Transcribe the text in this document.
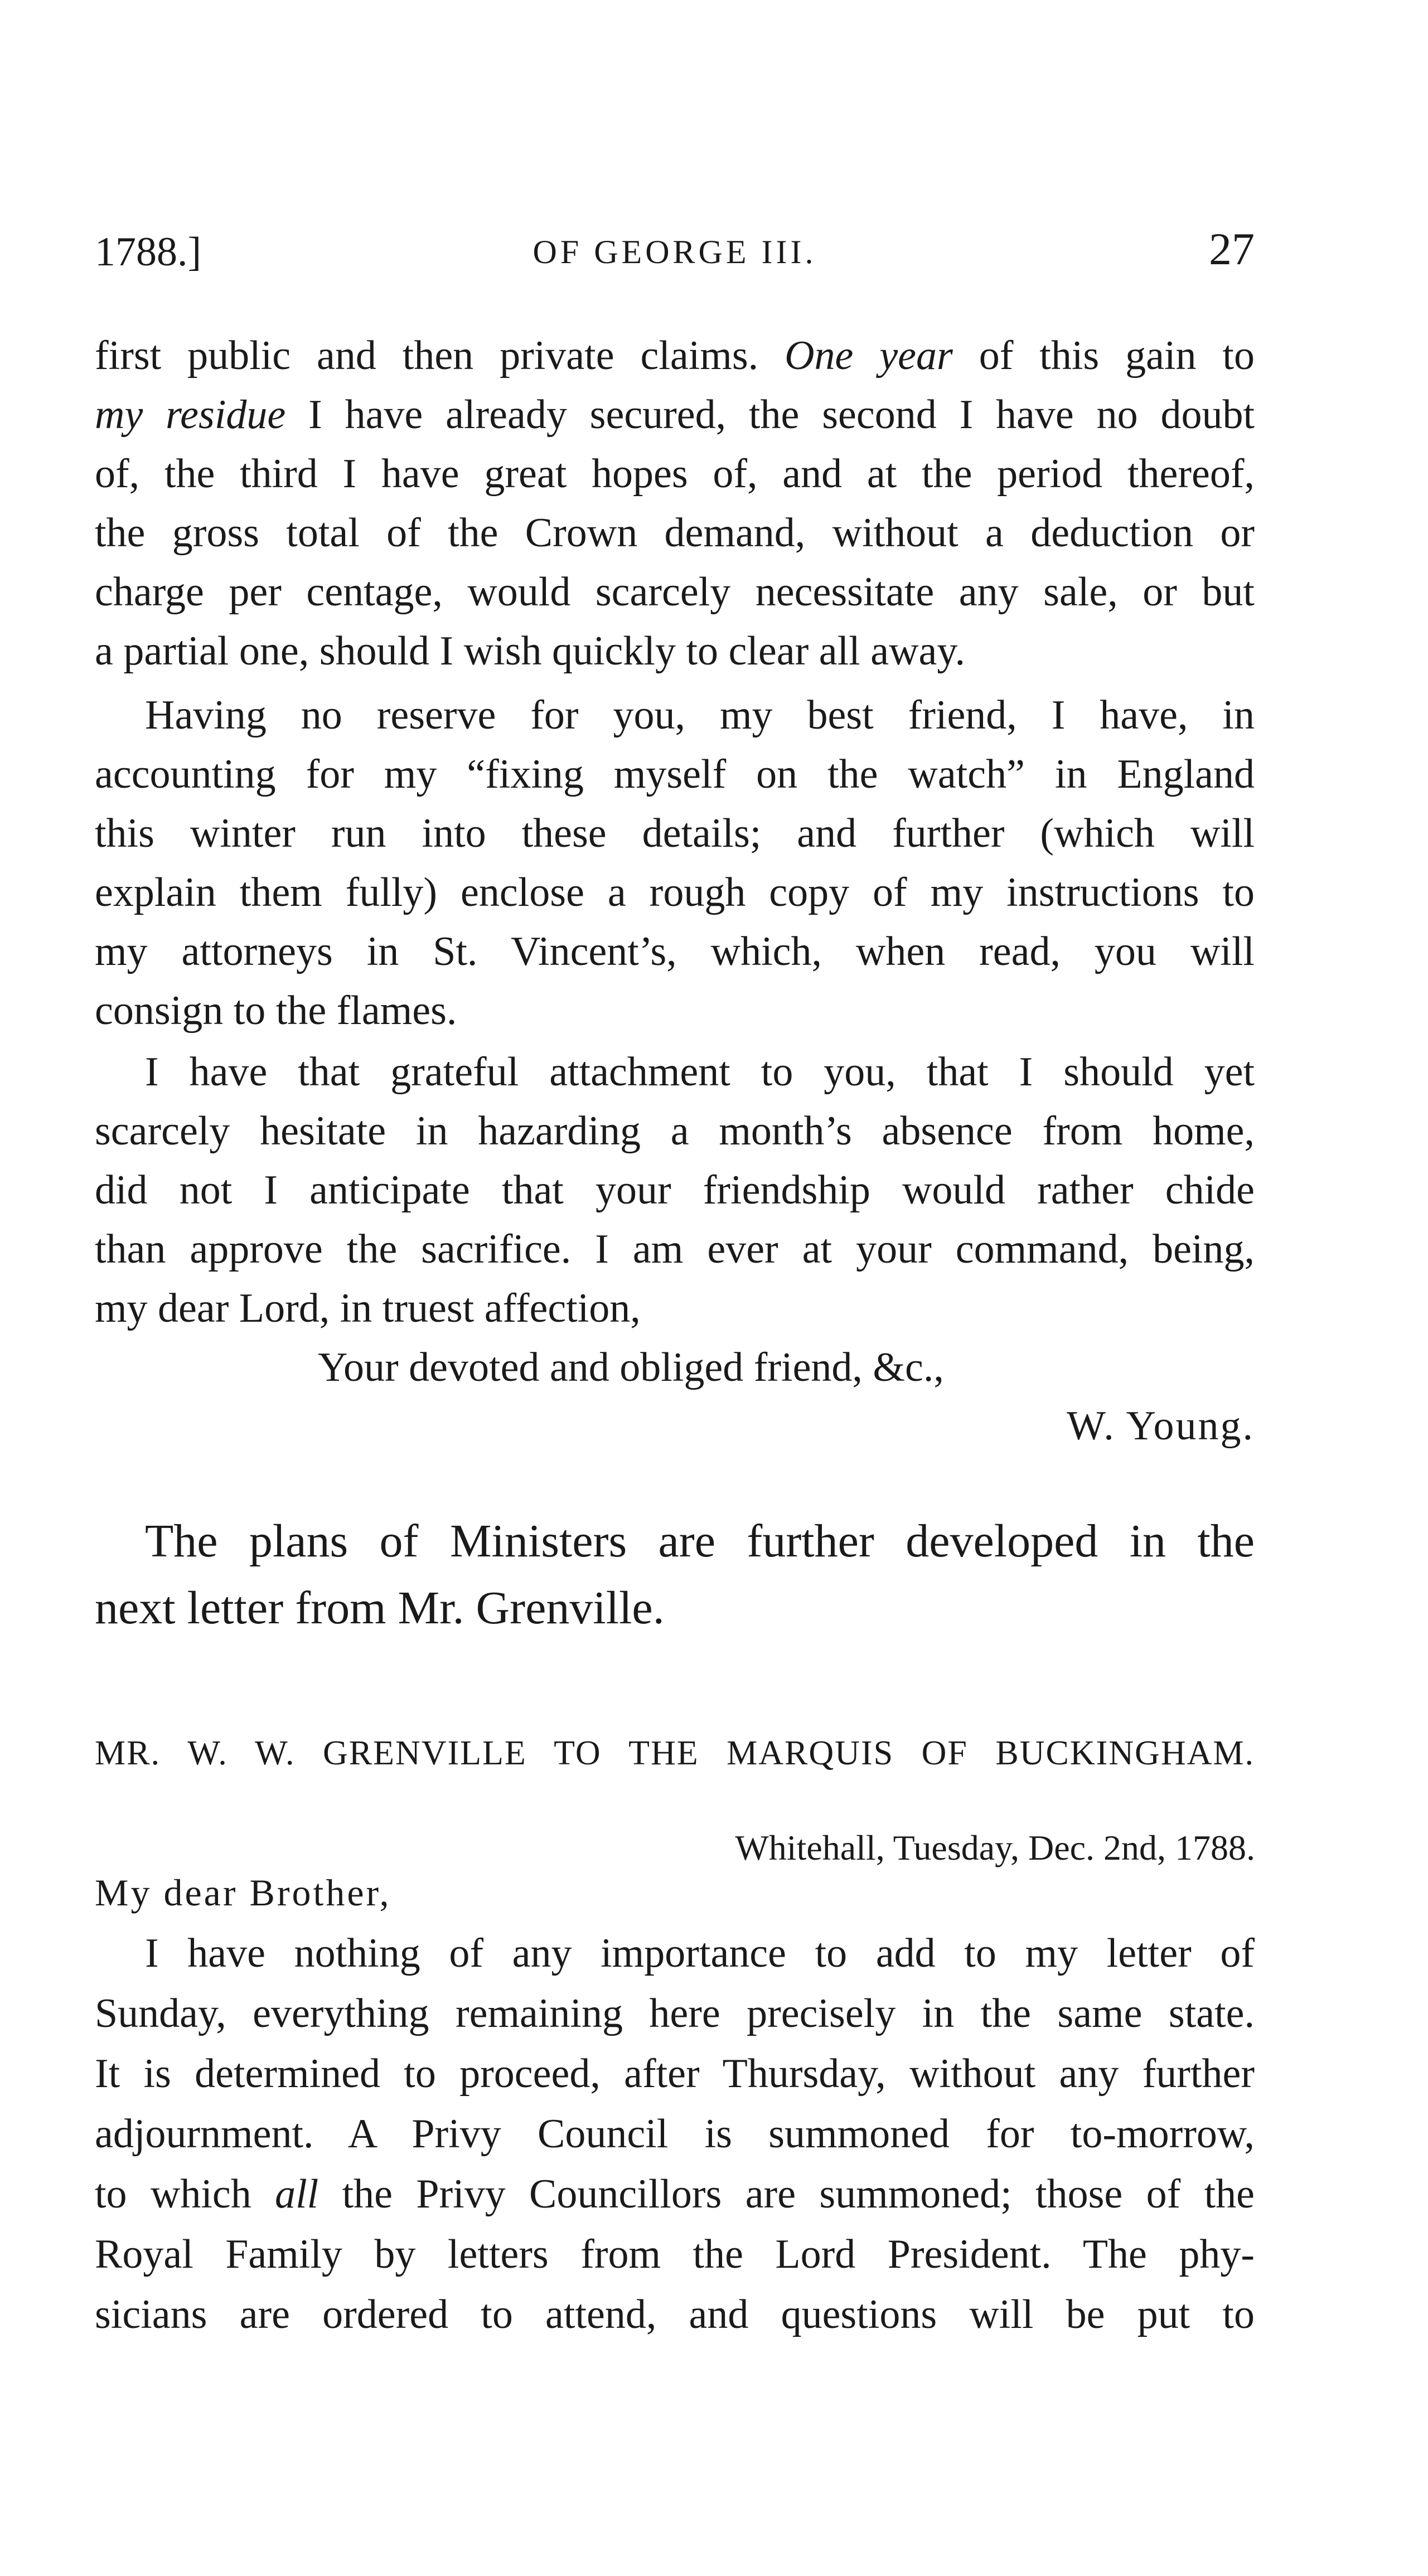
1788.]	OF GEORGE III.	27
first public and then private claims. One year of this gain to
my residue I have already secured, the second I have no doubt
of, the third I have great hopes of, and at the period thereof,
the gross total of the Crown demand, without a deduction or
charge per centage, would scarcely necessitate any sale, or but
a partial one, should I wish quickly to clear all away.
Having no reserve for you, my best friend, I have, in
accounting for my “fixing myself on the watch” in England
this winter run into these details; and further (which will
explain them fully) enclose a rough copy of my instructions to
my attorneys in St. Vincent’s, which, when read, you will
consign to the flames.
I have that grateful attachment to you, that I should yet
scarcely hesitate in hazarding a month’s absence from home,
did not I anticipate that your friendship would rather chide
than approve the sacrifice. I am ever at your command, being,
my dear Lord, in truest affection,
Your devoted and obliged friend, &c.,
W. Young.
The plans of Ministers are further developed in the
next letter from Mr. Grenville.
MR. W. W. GRENVILLE TO THE MARQUIS OF BUCKINGHAM.
Whitehall, Tuesday, Dec. 2nd, 1788.
My dear Brother,
I have nothing of any importance to add to my letter of
Sunday, everything remaining here precisely in the same state.
It is determined to proceed, after Thursday, without any further
adjournment. A Privy Council is summoned for to-morrow,
to which all the Privy Councillors are summoned; those of the
Royal Family by letters from the Lord President. The phy-
sicians are ordered to attend, and questions will be put to
